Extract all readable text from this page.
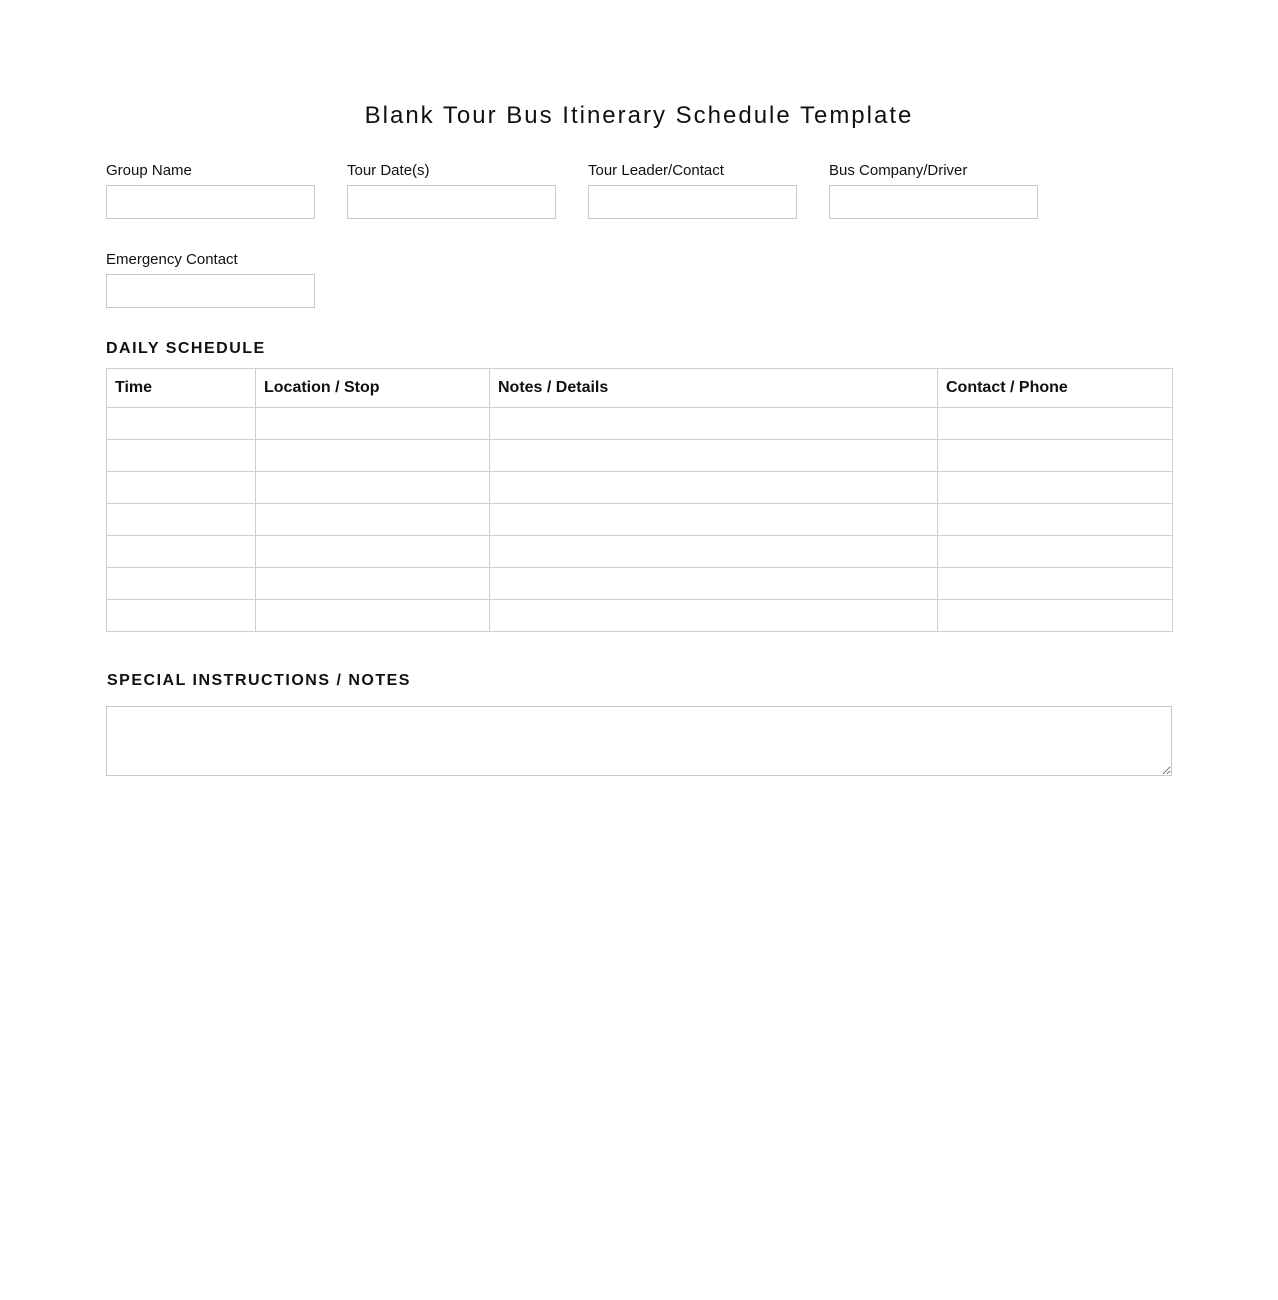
Blank Tour Bus Itinerary Schedule Template
Group Name	Tour Date(s)	Tour Leader/Contact	Bus Company/Driver
Emergency Contact
DAILY SCHEDULE
Time	Location / Stop	Notes / Details	Contact / Phone

SPECIAL INSTRUCTIONS / NOTES
